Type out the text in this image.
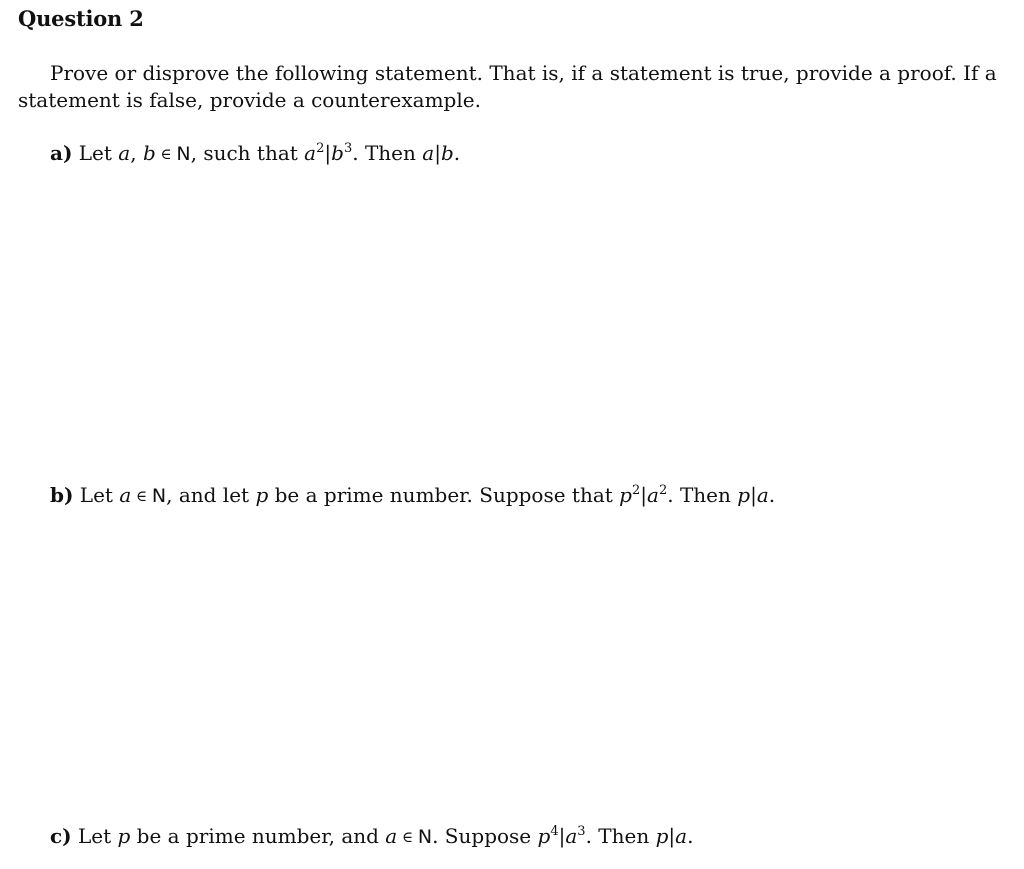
Question 2
Prove or disprove the following statement. That is, if a statement is true, provide a proof. If a statement is false, provide a counterexample.
a) Let a, b ∈ N, such that $a^2|b^3$. Then a|b.
b) Let a ∈ N, and let p be a prime number. Suppose that $p^2|a^2$. Then p|a.
c) Let p be a prime number, and a ∈ N. Suppose $p^4|a^3$. Then p|a.
